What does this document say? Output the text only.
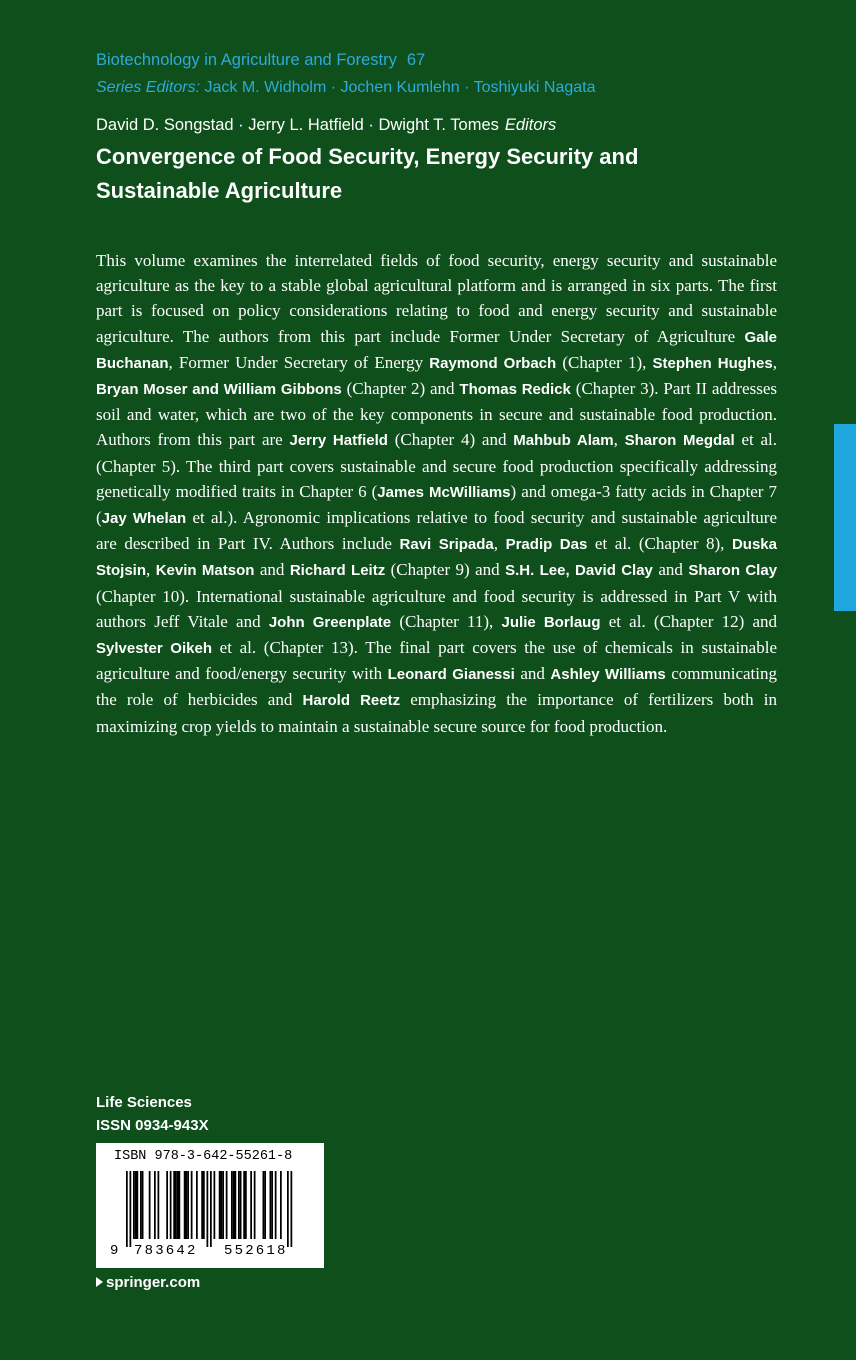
Biotechnology in Agriculture and Forestry 67
Series Editors: Jack M. Widholm · Jochen Kumlehn · Toshiyuki Nagata
David D. Songstad · Jerry L. Hatfield · Dwight T. Tomes Editors
Convergence of Food Security, Energy Security and Sustainable Agriculture

This volume examines the interrelated fields of food security, energy security and sustainable agriculture as the key to a stable global agricultural platform and is arranged in six parts. The first part is focused on policy considerations relating to food and energy security and sustainable agriculture. The authors from this part include Former Under Secretary of Agriculture Gale Buchanan, Former Under Secretary of Energy Raymond Orbach (Chapter 1), Stephen Hughes, Bryan Moser and William Gibbons (Chapter 2) and Thomas Redick (Chapter 3). Part II addresses soil and water, which are two of the key components in secure and sustainable food production. Authors from this part are Jerry Hatfield (Chapter 4) and Mahbub Alam, Sharon Megdal et al. (Chapter 5). The third part covers sustainable and secure food production specifically addressing genetically modified traits in Chapter 6 (James McWilliams) and omega-3 fatty acids in Chapter 7 (Jay Whelan et al.). Agronomic implications relative to food security and sustainable agriculture are described in Part IV. Authors include Ravi Sripada, Pradip Das et al. (Chapter 8), Duska Stojsin, Kevin Matson and Richard Leitz (Chapter 9) and S.H. Lee, David Clay and Sharon Clay (Chapter 10). International sustainable agriculture and food security is addressed in Part V with authors Jeff Vitale and John Greenplate (Chapter 11), Julie Borlaug et al. (Chapter 12) and Sylvester Oikeh et al. (Chapter 13). The final part covers the use of chemicals in sustainable agriculture and food/energy security with Leonard Gianessi and Ashley Williams communicating the role of herbicides and Harold Reetz emphasizing the importance of fertilizers both in maximizing crop yields to maintain a sustainable secure source for food production.

Life Sciences
ISSN 0934-943X
ISBN 978-3-642-55261-8
9 783642 552618
springer.com
